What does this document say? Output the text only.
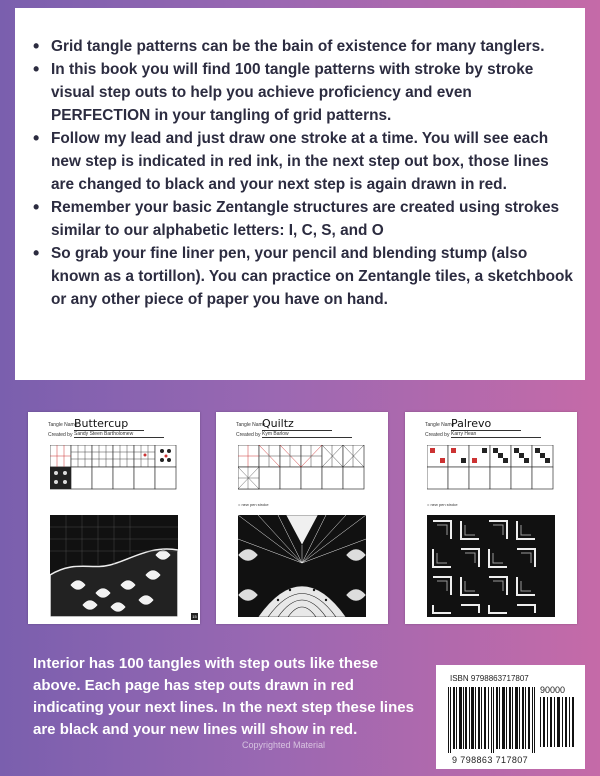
• Grid tangle patterns can be the bain of existence for many tanglers.
• In this book you will find 100 tangle patterns with stroke by stroke visual step outs to help you achieve proficiency and even PERFECTION in your tangling of grid patterns.
• Follow my lead and just draw one stroke at a time. You will see each new step is indicated in red ink, in the next step out box, those lines are changed to black and your next step is again drawn in red.
• Remember your basic Zentangle structures are created using strokes similar to our alphabetic letters: I, C, S, and O
• So grab your fine liner pen, your pencil and blending stump (also known as a tortillon). You can practice on Zentangle tiles, a sketchbook or any other piece of paper you have on hand.
Tangle Name
Buttercup
Created by Sandy Steen Bartholomew
15
Tangle Name
Quiltz
Created by Kym Barlow
= new pen stroke
Tangle Name
Palrevo
Created by Karry Hean
= new pen stroke

Interior has 100 tangles with step outs like these above. Each page has step outs drawn in red indicating your next lines. In the next step these lines are black and your new lines will show in red.

Copyrighted Material
ISBN 9798863717807
90000
9 798863 717807
